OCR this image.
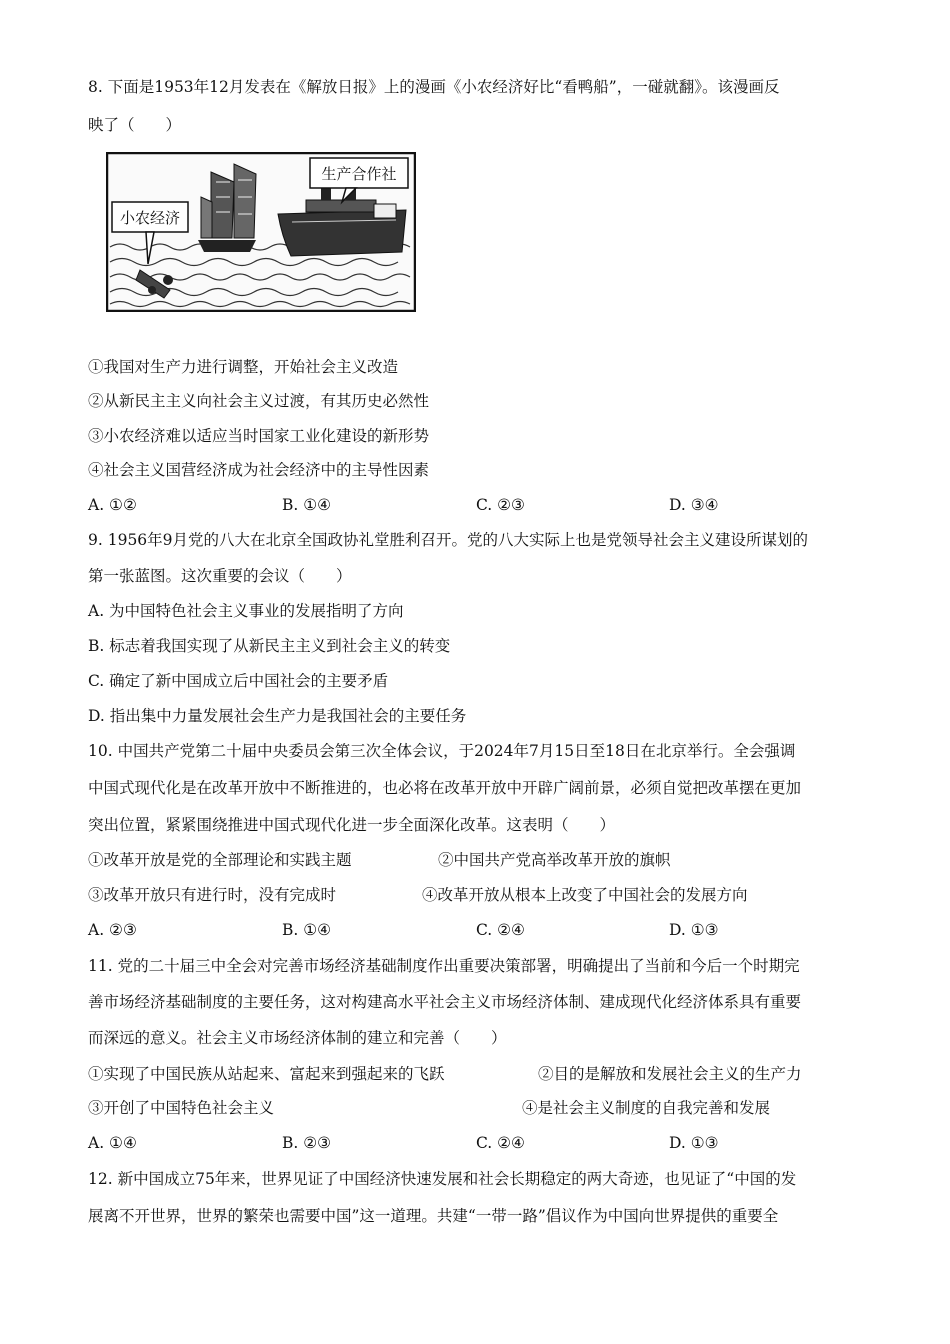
8. 下面是1953年12月发表在《解放日报》上的漫画《小农经济好比“看鸭船”，一碰就翻》。该漫画反
映了（　　）
小农经济
生产合作社
①我国对生产力进行调整，开始社会主义改造
②从新民主主义向社会主义过渡，有其历史必然性
③小农经济难以适应当时国家工业化建设的新形势
④社会主义国营经济成为社会经济中的主导性因素
A. ①②	B. ①④	C. ②③	D. ③④
9. 1956年9月党的八大在北京全国政协礼堂胜利召开。党的八大实际上也是党领导社会主义建设所谋划的
第一张蓝图。这次重要的会议（　　）
A. 为中国特色社会主义事业的发展指明了方向
B. 标志着我国实现了从新民主主义到社会主义的转变
C. 确定了新中国成立后中国社会的主要矛盾
D. 指出集中力量发展社会生产力是我国社会的主要任务
10. 中国共产党第二十届中央委员会第三次全体会议，于2024年7月15日至18日在北京举行。全会强调
中国式现代化是在改革开放中不断推进的，也必将在改革开放中开辟广阔前景，必须自觉把改革摆在更加
突出位置，紧紧围绕推进中国式现代化进一步全面深化改革。这表明（　　）
①改革开放是党的全部理论和实践主题	②中国共产党高举改革开放的旗帜
③改革开放只有进行时，没有完成时	④改革开放从根本上改变了中国社会的发展方向
A. ②③	B. ①④	C. ②④	D. ①③
11. 党的二十届三中全会对完善市场经济基础制度作出重要决策部署，明确提出了当前和今后一个时期完
善市场经济基础制度的主要任务，这对构建高水平社会主义市场经济体制、建成现代化经济体系具有重要
而深远的意义。社会主义市场经济体制的建立和完善（　　）
①实现了中国民族从站起来、富起来到强起来的飞跃	②目的是解放和发展社会主义的生产力
③开创了中国特色社会主义	④是社会主义制度的自我完善和发展
A. ①④	B. ②③	C. ②④	D. ①③
12. 新中国成立75年来，世界见证了中国经济快速发展和社会长期稳定的两大奇迹，也见证了“中国的发
展离不开世界，世界的繁荣也需要中国”这一道理。共建“一带一路”倡议作为中国向世界提供的重要全
